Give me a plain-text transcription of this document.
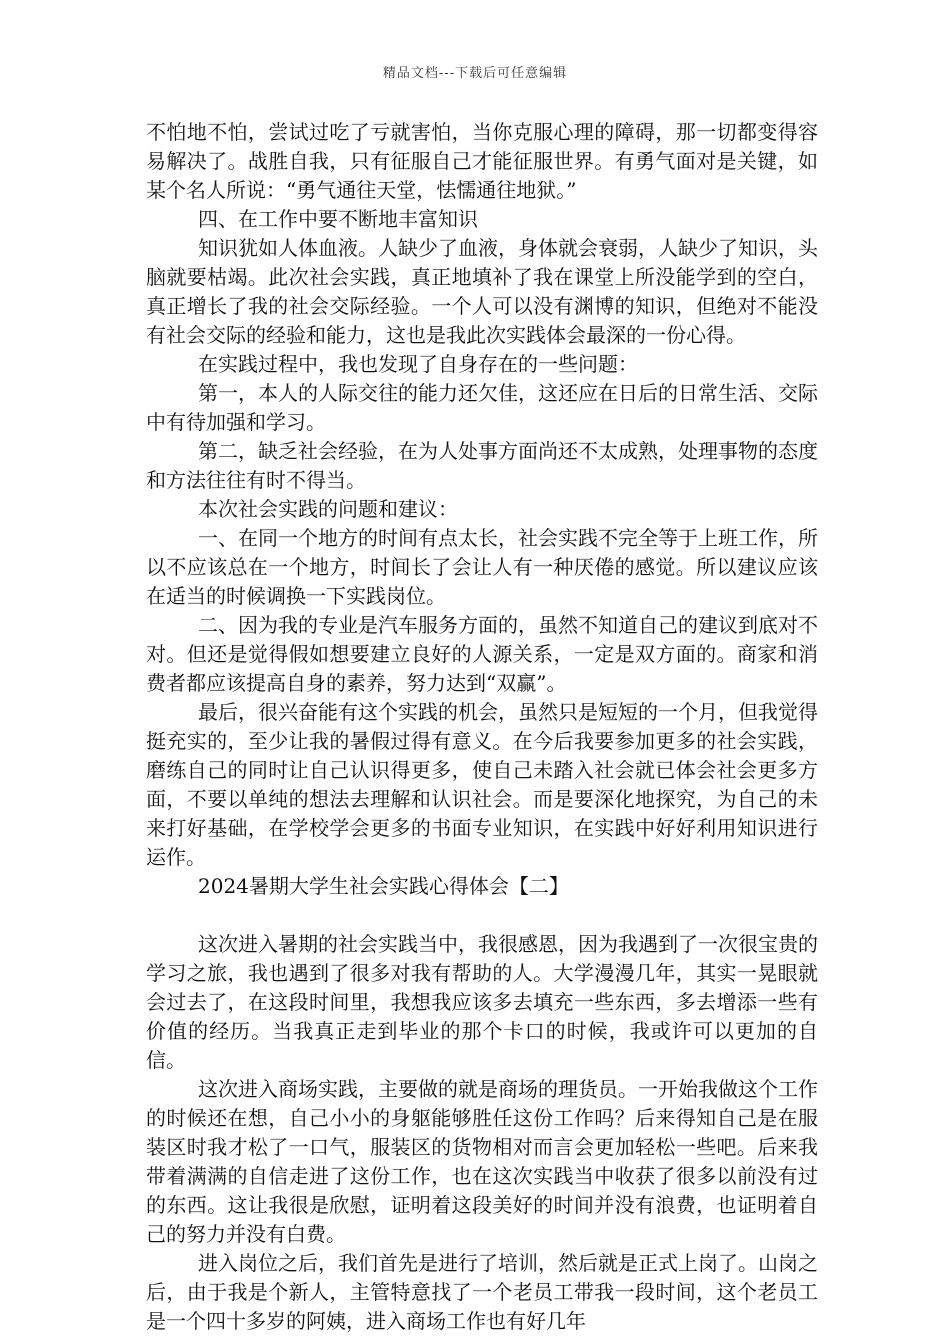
精品文档---下载后可任意编辑

不怕地不怕，尝试过吃了亏就害怕，当你克服心理的障碍，那一切都变得容易解决了。战胜自我，只有征服自己才能征服世界。有勇气面对是关键，如某个名人所说：“勇气通往天堂，怯懦通往地狱。”

四、在工作中要不断地丰富知识

知识犹如人体血液。人缺少了血液，身体就会衰弱，人缺少了知识，头脑就要枯竭。此次社会实践，真正地填补了我在课堂上所没能学到的空白，真正增长了我的社会交际经验。一个人可以没有渊博的知识，但绝对不能没有社会交际的经验和能力，这也是我此次实践体会最深的一份心得。

在实践过程中，我也发现了自身存在的一些问题：

第一，本人的人际交往的能力还欠佳，这还应在日后的日常生活、交际中有待加强和学习。

第二，缺乏社会经验，在为人处事方面尚还不太成熟，处理事物的态度和方法往往有时不得当。

本次社会实践的问题和建议：

一、在同一个地方的时间有点太长，社会实践不完全等于上班工作，所以不应该总在一个地方，时间长了会让人有一种厌倦的感觉。所以建议应该在适当的时候调换一下实践岗位。

二、因为我的专业是汽车服务方面的，虽然不知道自己的建议到底对不对。但还是觉得假如想要建立良好的人源关系，一定是双方面的。商家和消费者都应该提高自身的素养，努力达到“双赢”。

最后，很兴奋能有这个实践的机会，虽然只是短短的一个月，但我觉得挺充实的，至少让我的暑假过得有意义。在今后我要参加更多的社会实践，磨练自己的同时让自己认识得更多，使自己未踏入社会就已体会社会更多方面，不要以单纯的想法去理解和认识社会。而是要深化地探究，为自己的未来打好基础，在学校学会更多的书面专业知识，在实践中好好利用知识进行运作。

2024暑期大学生社会实践心得体会【二】

这次进入暑期的社会实践当中，我很感恩，因为我遇到了一次很宝贵的学习之旅，我也遇到了很多对我有帮助的人。大学漫漫几年，其实一晃眼就会过去了，在这段时间里，我想我应该多去填充一些东西，多去增添一些有价值的经历。当我真正走到毕业的那个卡口的时候，我或许可以更加的自信。

这次进入商场实践，主要做的就是商场的理货员。一开始我做这个工作的时候还在想，自己小小的身躯能够胜任这份工作吗？后来得知自己是在服装区时我才松了一口气，服装区的货物相对而言会更加轻松一些吧。后来我带着满满的自信走进了这份工作，也在这次实践当中收获了很多以前没有过的东西。这让我很是欣慰，证明着这段美好的时间并没有浪费，也证明着自己的努力并没有白费。

进入岗位之后，我们首先是进行了培训，然后就是正式上岗了。山岗之后，由于我是个新人，主管特意找了一个老员工带我一段时间，这个老员工是一个四十多岁的阿姨，进入商场工作也有好几年
